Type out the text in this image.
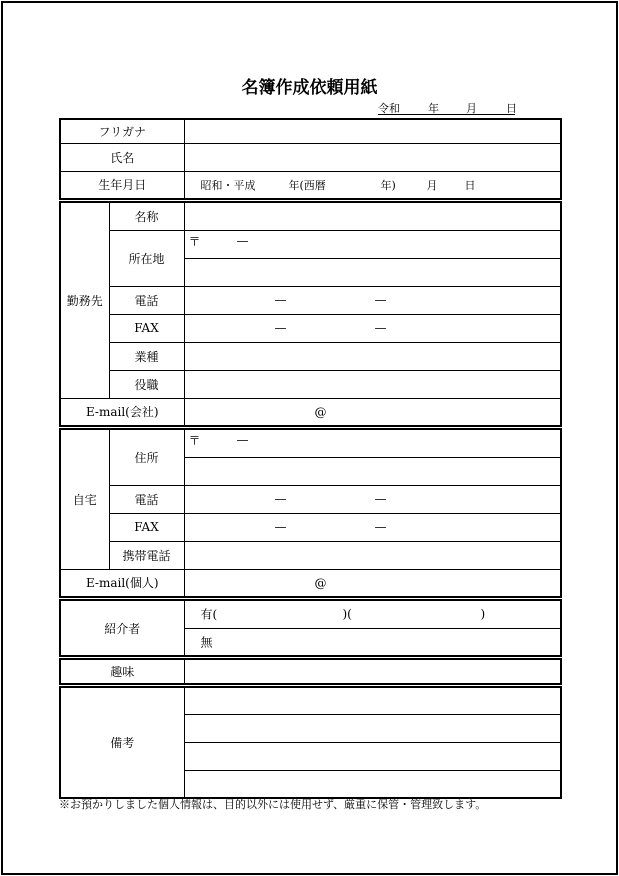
名簿作成依頼用紙
令和	年 月	日
フリガナ		
氏名		
生年月日		昭和・平成 年(西暦 年) 月 日

勤務先	名称	
	所在地	〒 —

	電話	— —

	FAX	— —

	業種	
	役職	
E-mail(会社)		@

自宅	住所	〒 —

	電話	— —

	FAX	— —

	携帯電話	
E-mail(個人)		@

紹介者		有( )( )

		無

趣味		

備考		

※お預かりしました個人情報は、目的以外には使用せず、厳重に保管・管理致します。
